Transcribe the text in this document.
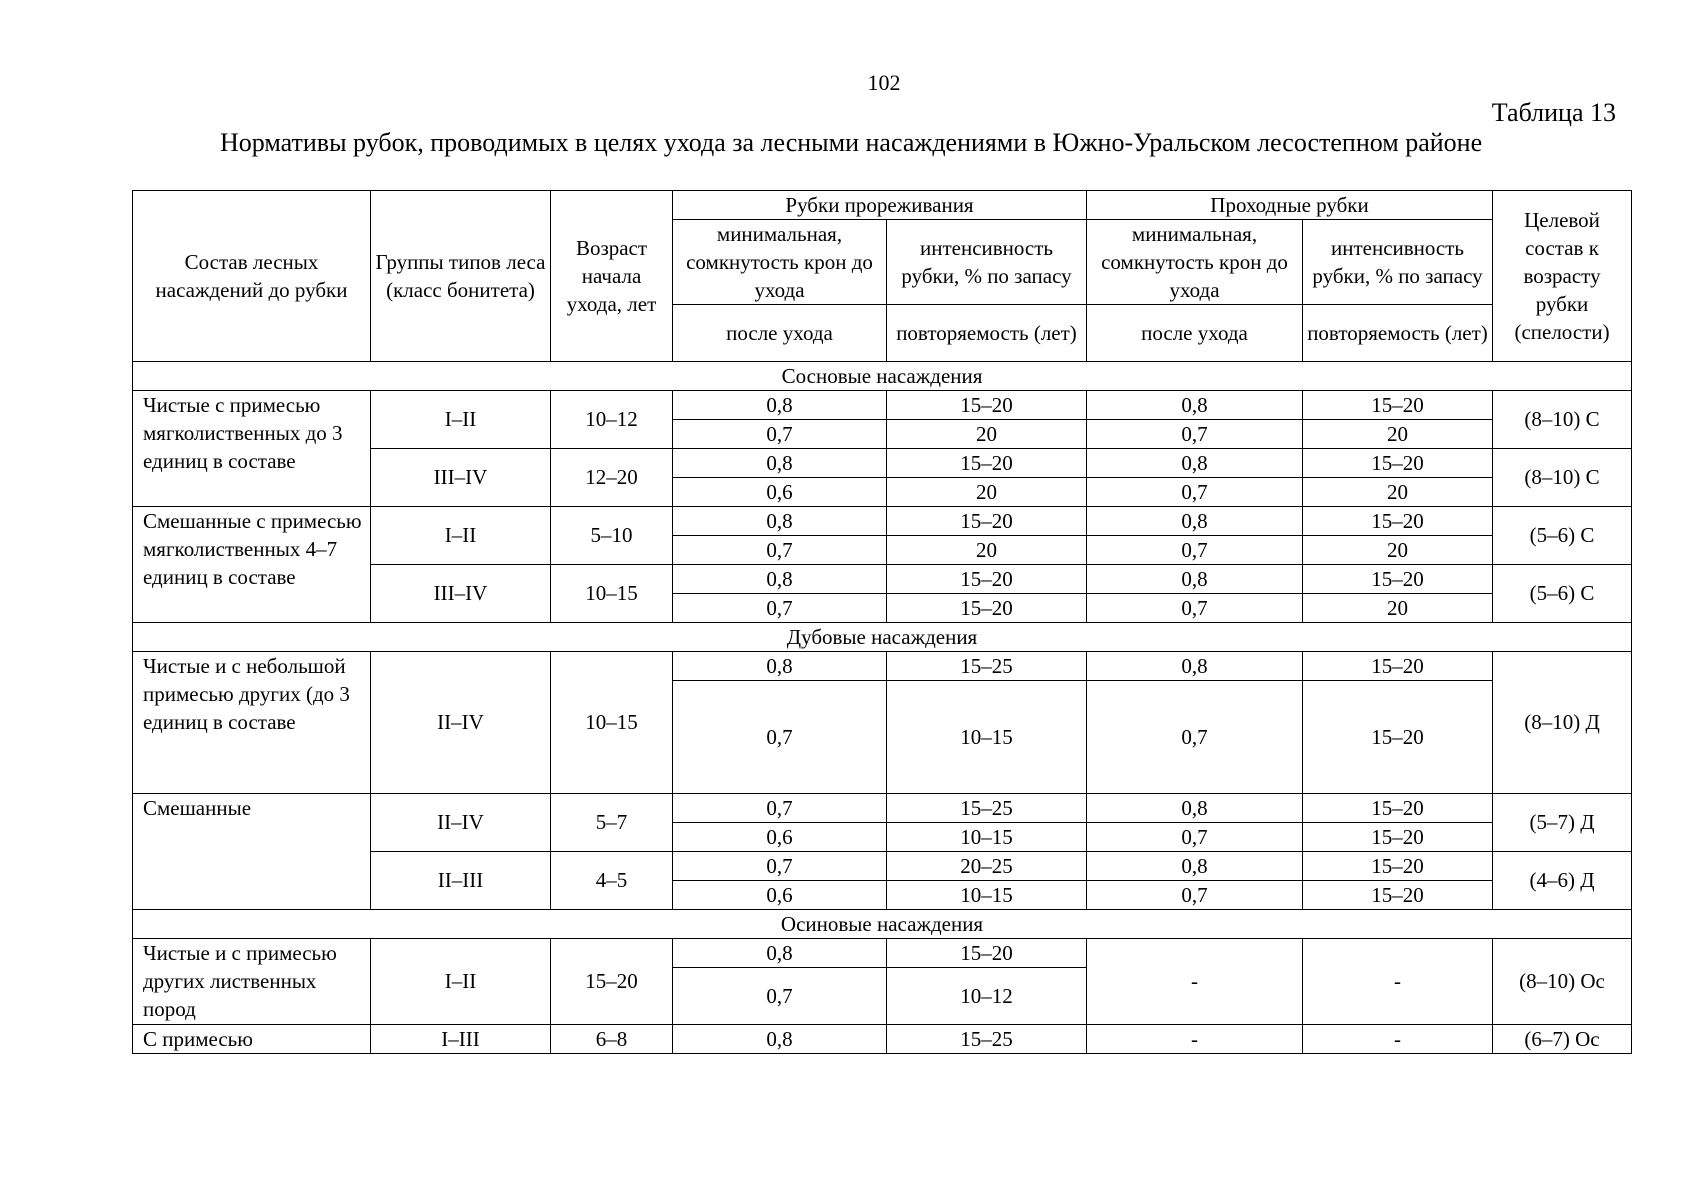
102
Таблица 13
Нормативы рубок, проводимых в целях ухода за лесными насаждениями в Южно-Уральском лесостепном районе
Состав лесных насаждений до рубки	Группы типов леса (класс бонитета)	Возраст начала ухода, лет	Рубки прореживания		Проходные рубки		Целевой состав к возрасту рубки (спелости)
			минимальная, сомкнутость крон до ухода	интенсивность рубки, % по запасу	минимальная, сомкнутость крон до ухода	интенсивность рубки, % по запасу	
			после ухода	повторяемость (лет)	после ухода	повторяемость (лет)	
Сосновые насаждения							
Чистые с примесью мягколиственных до 3 единиц в составе	I–II	10–12	0,8	15–20	0,8	15–20	(8–10) С
			0,7	20	0,7	20	
	III–IV	12–20	0,8	15–20	0,8	15–20	(8–10) С
			0,6	20	0,7	20	
Смешанные с примесью мягколиственных 4–7 единиц в составе	I–II	5–10	0,8	15–20	0,8	15–20	(5–6) С
			0,7	20	0,7	20	
	III–IV	10–15	0,8	15–20	0,8	15–20	(5–6) С
			0,7	15–20	0,7	20	
Дубовые насаждения							
Чистые и с небольшой примесью других (до 3 единиц в составе	II–IV	10–15	0,8	15–25	0,8	15–20	(8–10) Д
			0,7	10–15	0,7	15–20	
Смешанные	II–IV	5–7	0,7	15–25	0,8	15–20	(5–7) Д
			0,6	10–15	0,7	15–20	
	II–III	4–5	0,7	20–25	0,8	15–20	(4–6) Д
			0,6	10–15	0,7	15–20	
Осиновые насаждения							
Чистые и с примесью других лиственных пород	I–II	15–20	0,8	15–20	-	-	(8–10) Ос
			0,7	10–12			
С примесью	I–III	6–8	0,8	15–25	-	-	(6–7) Ос
